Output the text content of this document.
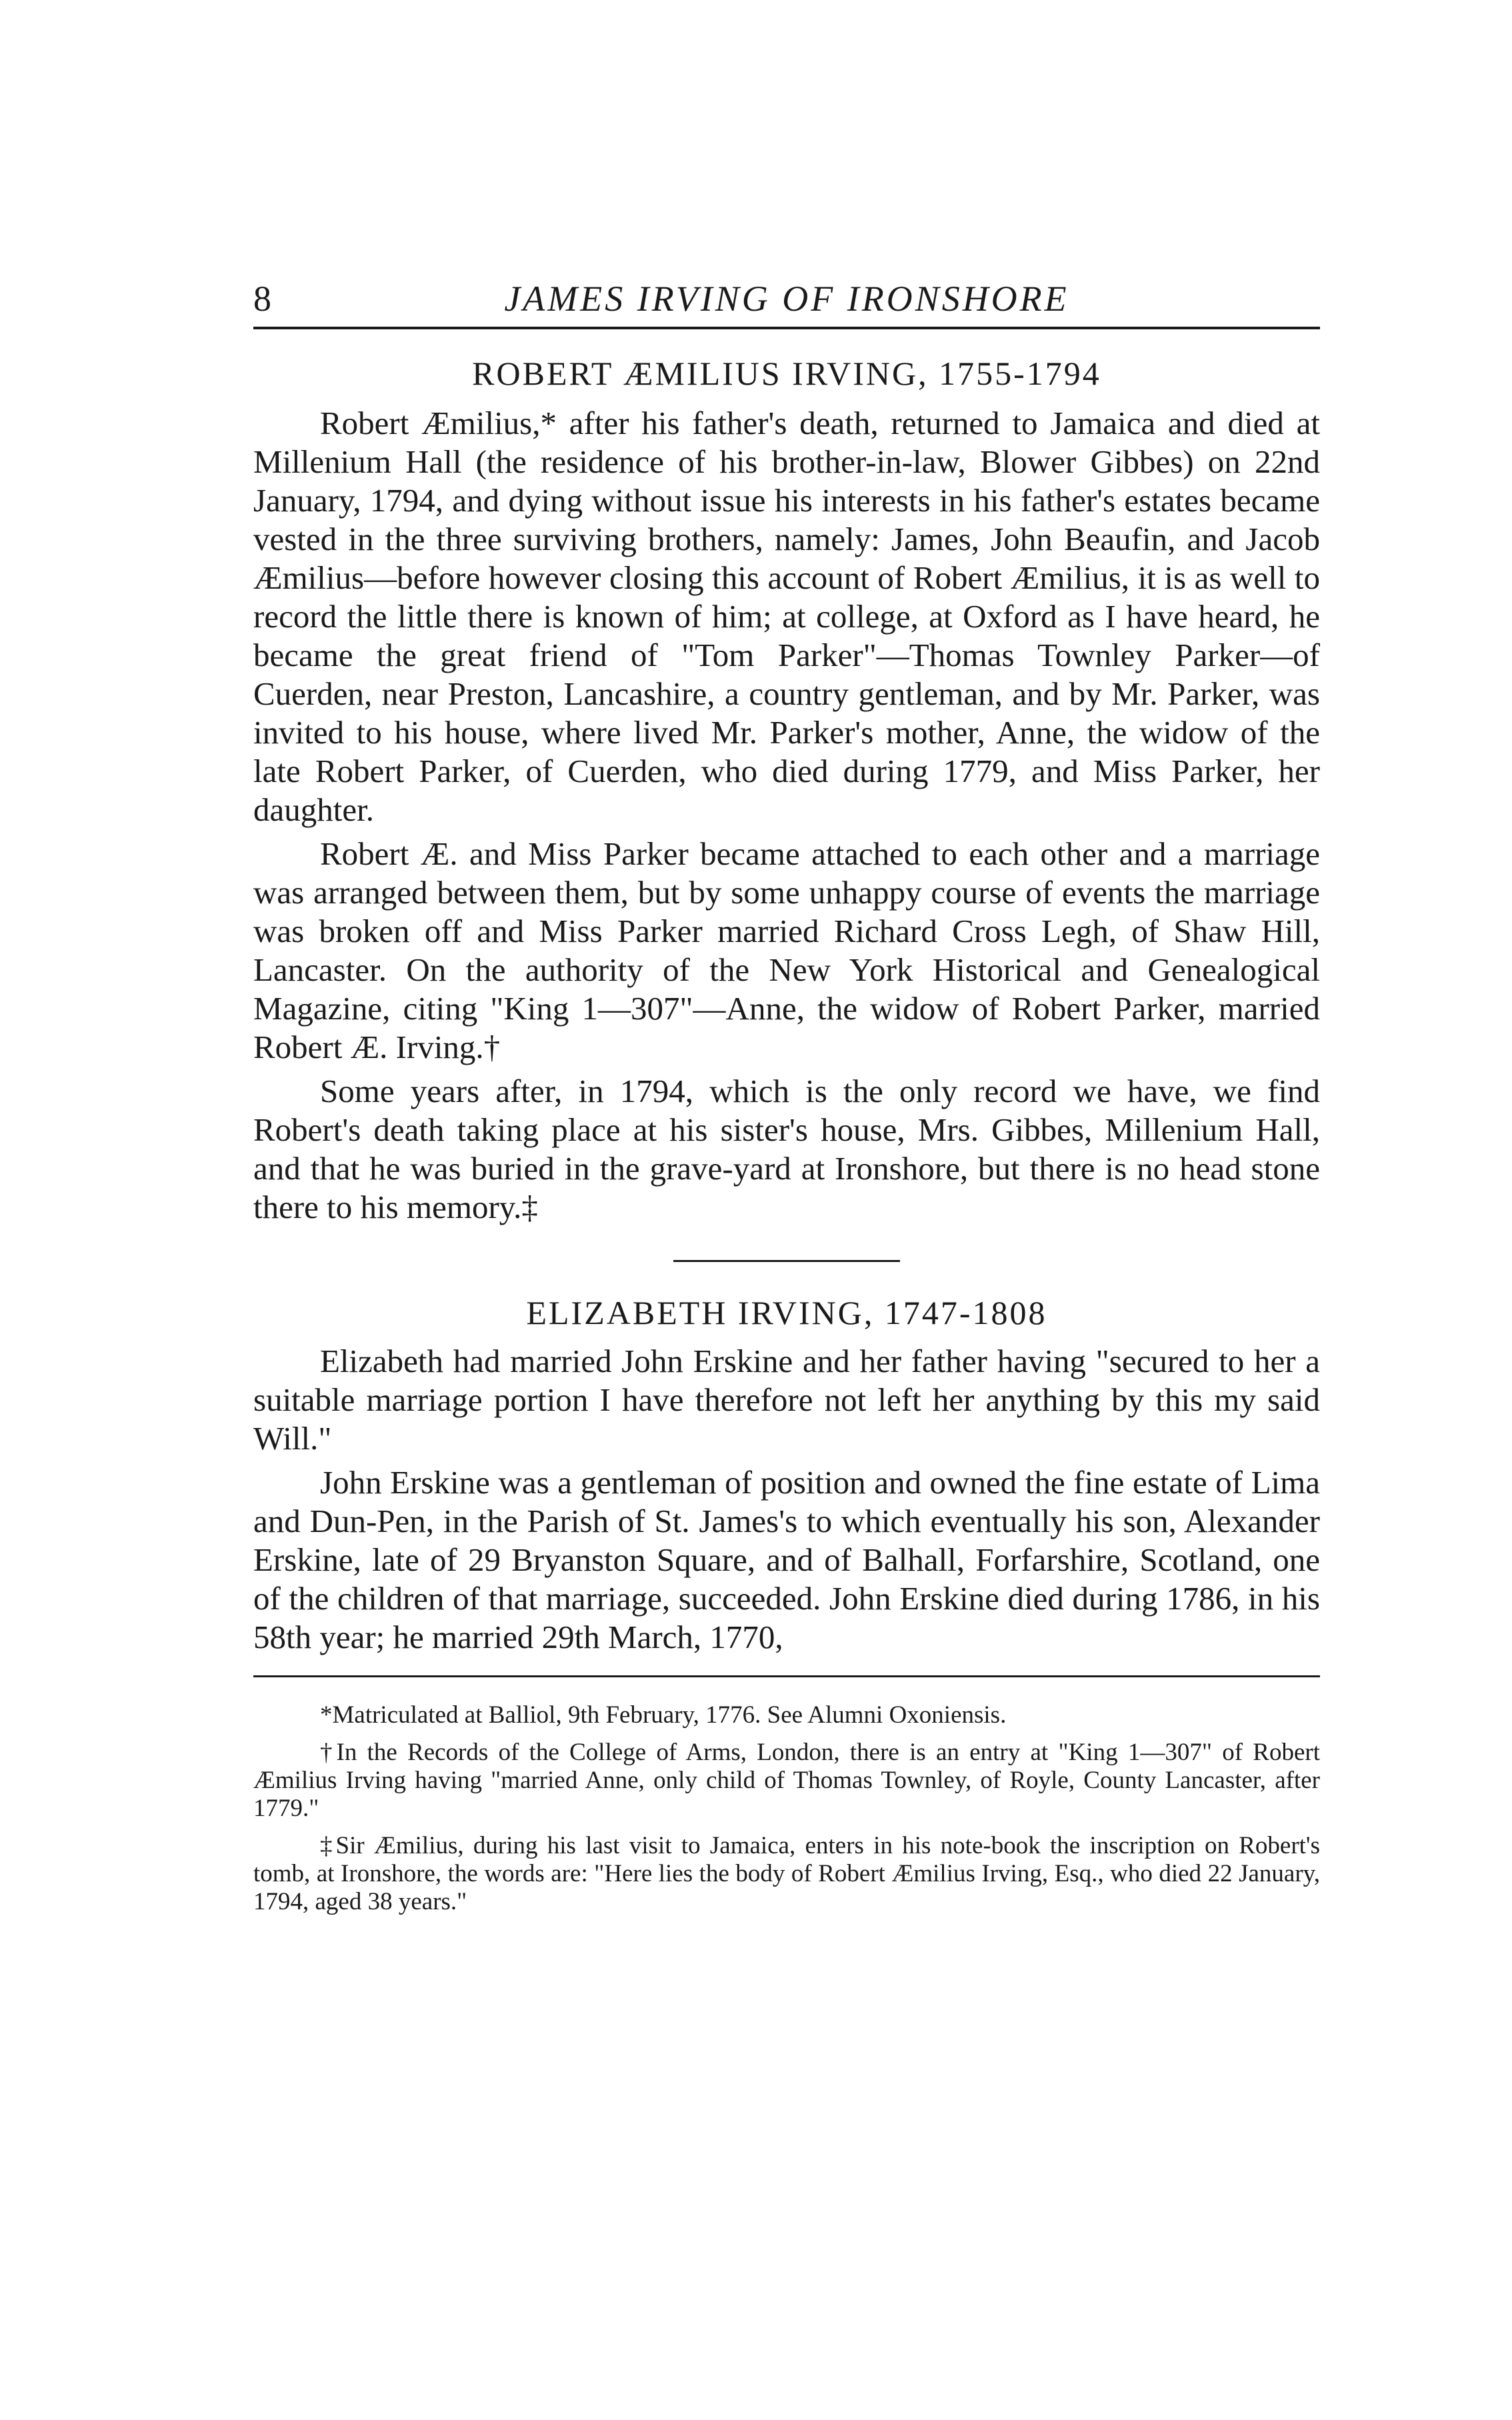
8	JAMES IRVING OF IRONSHORE
ROBERT ÆMILIUS IRVING, 1755-1794

Robert Æmilius,* after his father's death, returned to Jamaica and died at Millenium Hall (the residence of his brother-in-law, Blower Gibbes) on 22nd January, 1794, and dying without issue his interests in his father's estates became vested in the three surviving brothers, namely: James, John Beaufin, and Jacob Æmilius—before however closing this account of Robert Æmilius, it is as well to record the little there is known of him; at college, at Oxford as I have heard, he became the great friend of "Tom Parker"—Thomas Townley Parker—of Cuerden, near Preston, Lancashire, a country gentleman, and by Mr. Parker, was invited to his house, where lived Mr. Parker's mother, Anne, the widow of the late Robert Parker, of Cuerden, who died during 1779, and Miss Parker, her daughter.

Robert Æ. and Miss Parker became attached to each other and a marriage was arranged between them, but by some unhappy course of events the marriage was broken off and Miss Parker married Richard Cross Legh, of Shaw Hill, Lancaster. On the authority of the New York Historical and Genealogical Magazine, citing "King 1—307"—Anne, the widow of Robert Parker, married Robert Æ. Irving.†

Some years after, in 1794, which is the only record we have, we find Robert's death taking place at his sister's house, Mrs. Gibbes, Millenium Hall, and that he was buried in the grave-yard at Ironshore, but there is no head stone there to his memory.‡

ELIZABETH IRVING, 1747-1808

Elizabeth had married John Erskine and her father having "secured to her a suitable marriage portion I have therefore not left her anything by this my said Will."

John Erskine was a gentleman of position and owned the fine estate of Lima and Dun-Pen, in the Parish of St. James's to which eventually his son, Alexander Erskine, late of 29 Bryanston Square, and of Balhall, Forfarshire, Scotland, one of the children of that marriage, succeeded. John Erskine died during 1786, in his 58th year; he married 29th March, 1770,

*Matriculated at Balliol, 9th February, 1776. See Alumni Oxoniensis.

†In the Records of the College of Arms, London, there is an entry at "King 1—307" of Robert Æmilius Irving having "married Anne, only child of Thomas Townley, of Royle, County Lancaster, after 1779."

‡Sir Æmilius, during his last visit to Jamaica, enters in his note-book the inscription on Robert's tomb, at Ironshore, the words are: "Here lies the body of Robert Æmilius Irving, Esq., who died 22 January, 1794, aged 38 years."
